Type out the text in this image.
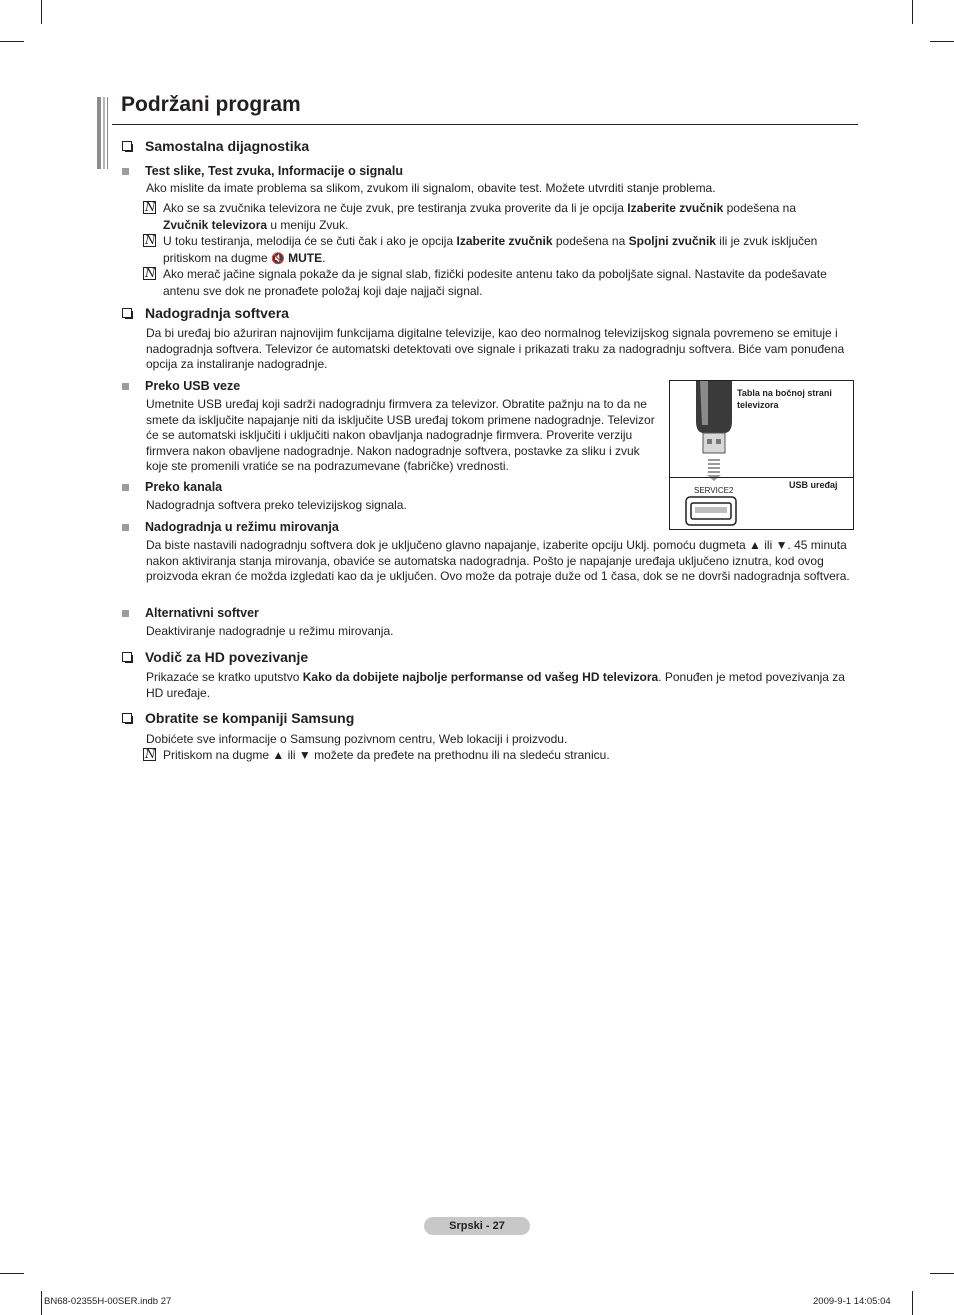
Podržani program
Samostalna dijagnostika
Test slike, Test zvuka, Informacije o signalu
Ako mislite da imate problema sa slikom, zvukom ili signalom, obavite test. Možete utvrditi stanje problema.
N
Ako se sa zvučnika televizora ne čuje zvuk, pre testiranja zvuka proverite da li je opcija Izaberite zvučnik podešena na
Zvučnik televizora u meniju Zvuk.
N
U toku testiranja, melodija će se čuti čak i ako je opcija Izaberite zvučnik podešena na Spoljni zvučnik ili je zvuk isključen pritiskom na dugme 🔇 MUTE.
N
Ako merač jačine signala pokaže da je signal slab, fizički podesite antenu tako da poboljšate signal. Nastavite da podešavate antenu sve dok ne pronađete položaj koji daje najjači signal.
Nadogradnja softvera
Da bi uređaj bio ažuriran najnovijim funkcijama digitalne televizije, kao deo normalnog televizijskog signala povremeno se emituje i nadogradnja softvera. Televizor će automatski detektovati ove signale i prikazati traku za nadogradnju softvera. Biće vam ponuđena opcija za instaliranje nadogradnje.
Preko USB veze
Umetnite USB uređaj koji sadrži nadogradnju firmvera za televizor. Obratite pažnju na to da ne smete da isključite napajanje niti da isključite USB uređaj tokom primene nadogradnje. Televizor će se automatski isključiti i uključiti nakon obavljanja nadogradnje firmvera. Proverite verziju firmvera nakon obavljene nadogradnje. Nakon nadogradnje softvera, postavke za sliku i zvuk koje ste promenili vratiće se na podrazumevane (fabričke) vrednosti.
Preko kanala
Nadogradnja softvera preko televizijskog signala.
Nadogradnja u režimu mirovanja
Da biste nastavili nadogradnju softvera dok je uključeno glavno napajanje, izaberite opciju Uklj. pomoću dugmeta ▲ ili ▼. 45 minuta nakon aktiviranja stanja mirovanja, obaviće se automatska nadogradnja. Pošto je napajanje uređaja uključeno iznutra, kod ovog proizvoda ekran će možda izgledati kao da je uključen. Ovo može da potraje duže od 1 časa, dok se ne dovrši nadogradnja softvera.
Alternativni softver
Deaktiviranje nadogradnje u režimu mirovanja.
Tabla na bočnoj strani televizora
USB uređaj
SERVICE2
Vodič za HD povezivanje
Prikazaće se kratko uputstvo Kako da dobijete najbolje performanse od vašeg HD televizora. Ponuđen je metod povezivanja za HD uređaje.
Obratite se kompaniji Samsung
Dobićete sve informacije o Samsung pozivnom centru, Web lokaciji i proizvodu.
N
Pritiskom na dugme ▲ ili ▼ možete da pređete na prethodnu ili na sledeću stranicu.
Srpski - 27
BN68-02355H-00SER.indb 27	2009-9-1 14:05:04
